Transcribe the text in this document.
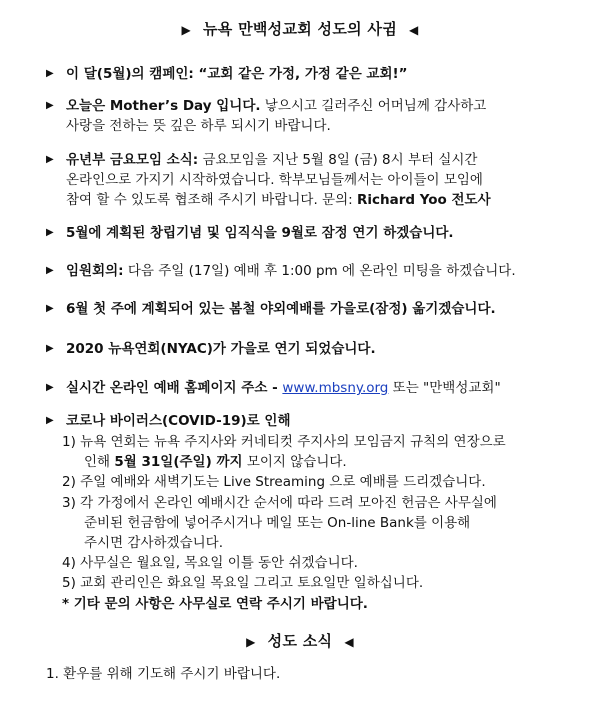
▶ 뉴욕 만백성교회 성도의 사귐 ◀
▶ 이 달(5월)의 캠페인: “교회 같은 가정, 가정 같은 교회!”
▶ 오늘은 Mother’s Day 입니다. 낳으시고 길러주신 어머님께 감사하고
사랑을 전하는 뜻 깊은 하루 되시기 바랍니다.
▶ 유년부 금요모임 소식: 금요모임을 지난 5월 8일 (금) 8시 부터 실시간
온라인으로 가지기 시작하였습니다. 학부모님들께서는 아이들이 모임에
참여 할 수 있도록 협조해 주시기 바랍니다. 문의: Richard Yoo 전도사
▶ 5월에 계획된 창립기념 및 임직식을 9월로 잠정 연기 하겠습니다.
▶ 임원회의: 다음 주일 (17일) 예배 후 1:00 pm 에 온라인 미팅을 하겠습니다.
▶ 6월 첫 주에 계획되어 있는 봄철 야외예배를 가을로(잠정) 옮기겠습니다.
▶ 2020 뉴욕연회(NYAC)가 가을로 연기 되었습니다.
▶ 실시간 온라인 예배 홈페이지 주소 - www.mbsny.org 또는 "만백성교회"
▶ 코로나 바이러스(COVID-19)로 인해
1) 뉴욕 연회는 뉴욕 주지사와 커네티컷 주지사의 모임금지 규칙의 연장으로
인해 5월 31일(주일) 까지 모이지 않습니다.
2) 주일 예배와 새벽기도는 Live Streaming 으로 예배를 드리겠습니다.
3) 각 가정에서 온라인 예배시간 순서에 따라 드려 모아진 헌금은 사무실에
준비된 헌금함에 넣어주시거나 메일 또는 On-line Bank를 이용해
주시면 감사하겠습니다.
4) 사무실은 월요일, 목요일 이틀 동안 쉬겠습니다.
5) 교회 관리인은 화요일 목요일 그리고 토요일만 일하십니다.
* 기타 문의 사항은 사무실로 연락 주시기 바랍니다.
▶ 성도 소식 ◀
1. 환우를 위해 기도해 주시기 바랍니다.
